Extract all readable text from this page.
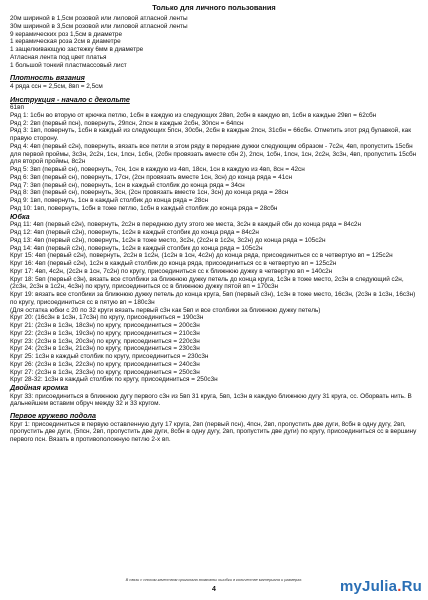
Только для личного пользования
20м шириной в 1,5см розовой или лиловой атласной ленты
30м шириной в 3,5см розовой или лиловой атласной ленты
9 керамических роз 1,5см в диаметре
1 керамическая роза 2см в диаметре
1 защелкивающую застежку 6мм в диаметре
Атласная лента под цвет платья
1 большой тонкий пластмассовый лист
Плотность вязания
4 ряда ссн = 2,5см, 8вп = 2,5см
Инструкция - начало с декольте
61вп
Ряд 1: 1сбн во вторую от крючка петлю, 1сбн в каждую из следующих 28вп, 2сбн в каждую вп, 1сбн в каждые 29вп = 62сбн
Ряд 2: 2вп (первый псн), повернуть, 29псн, 2псн в каждые 2сбн, 30псн = 64псн
Ряд 3: 1вп, повернуть, 1сбн в каждый из следующих 5псн, 30сбн, 2сбн в каждые 2псн, 31сбн = 66сбн. Отметить этот ряд булавкой, как правую сторону.
Ряд 4: 4вп (первый с2н), повернуть, вязать все петли в этом ряду в передние дужки следующим образом - 7с2н, 4вп, пропустить 15сбн для первой проймы, 3с3н, 2с2н, 1сн, 1псн, 1сбн, (2сбн провязать вместе сбн 2), 2псн, 1сбн, 1псн, 1сн, 2с2н, 3с3н, 4вп, пропустить 15сбн для второй проймы, 8с2н
Ряд 5: 3вп (первый сн), повернуть, 7сн, 1сн в каждую из 4вп, 18сн, 1сн в каждую из 4вп, 8сн = 42сн
Ряд 6: 3вп (первый сн), повернуть, 17сн, (2сн провязать вместе 1сн, 3сн) до конца ряда = 41сн
Ряд 7: 3вп (первый сн), повернуть, 1сн в каждый столбик до конца ряда = 34сн
Ряд 8: 3вп (первый сн), повернуть, 3сн, (2сн провязать вместе 1сн, 3сн) до конца ряда = 28сн
Ряд 9: 1вп, повернуть, 1сн в каждый столбик до конца ряда = 28сн
Ряд 10: 1вп, повернуть, 1сбн в тоже петлю, 1сбн в каждый столбик до конца ряда = 28сбн
Юбка
Ряд 11: 4вп (первый с2н), повернуть, 2с2н в переднюю дугу этого же места, 3с2н в каждый сбн до конца ряда = 84с2н
Ряд 12: 4вп (первый с2н), повернуть, 1с2н в каждый столбик до конца ряда = 84с2н
Ряд 13: 4вп (первый с2н), повернуть, 1с2н в тоже место, 3с2н, (2с2н в 1с2н, 3с2н) до конца ряда = 105с2н
Ряд 14: 4вп (первый с2н), повернуть, 1с2н в каждый столбик до конца ряда = 105с2н
Круг 15: 4вп (первый с2н), повернуть, 2с2н в 1с2н, (1с2н в 1сн, 4с2н) до конца ряда, присоединиться сс в четвертую вп = 125с2н
Круг 16: 4вп (первый с2н), 1с2н в каждый столбик до конца ряда, присоединиться сс в четвертую вп = 125с2н
Круг 17: 4вп, 4с2н, (2с2н в 1сн, 7с2н) по кругу, присоединиться сс к ближнюю дужку в четвертую вп = 140с2н
Круг 18: 5вп (первый с3н), вязать все столбики за ближнюю дужку петель до конца круга, 1с3н в тоже место, 2с3н в следующий с2н, (2с3н, 2с3н в 1с2н, 4с3н) по кругу, присоединиться сс в ближнюю дужку пятой вп = 170с3н
Круг 19: вязать все столбики за ближнюю дужку петель до конца круга, 5вп (первый с3н), 1с3н в тоже место, 16с3н, (2с3н в 1с3н, 16с3н) по кругу, присоединиться сс в пятую вп = 180с3н
(Для остатка юбки с 20 по 32 круги вязать первый с3н как 5вп и все столбики за ближнюю дужку петель)
Круг 20: (16с3н в 1с3н, 17с3н) по кругу, присоединиться = 190с3н
Круг 21: (2с3н в 1с3н, 18с3н) по кругу, присоединиться = 200с3н
Круг 22: (2с3н в 1с3н, 19с3н) по кругу, присоединиться = 210с3н
Круг 23: (2с3н в 1с3н, 20с3н) по кругу, присоединиться = 220с3н
Круг 24: (2с3н в 1с3н, 21с3н) по кругу, присоединиться = 230с3н
Круг 25: 1с3н в каждый столбик по кругу, присоединиться = 230с3н
Круг 26: (2с3н в 1с3н, 22с3н) по кругу, присоединиться = 240с3н
Круг 27: (2с3н в 1с3н, 23с3н) по кругу, присоединиться = 250с3н
Круг 28-32: 1с3н в каждый столбик по кругу, присоединиться = 250с3н
Двойная кромка
Круг 33: присоединиться в ближнюю дугу первого с3н из 5вп 31 круга, 5вп, 1с3н в каждую ближнюю дугу 31 круга, сс. Оборвать нить. В дальнейшем вставим обруч между 32 и 33 кругом.
Первое кружево подола
Круг 1: присоединиться в первую оставленную дугу 17 круга, 2вп (первый псн), 4псн, 2вп, пропустить две дуги, 8сбн в одну дугу, 2вп, пропустить две дуги, (5псн, 2вп, пропустить две дуги, 8сбн в одну дугу, 2вп, пропустить две дуги) по кругу, присоединиться сс в вершину первого псн. Вязать в противоположную петлю 2-х вп.
В связи с плохим качеством оригинала возможны ошибки в количестве материала и размерах.
4	myJulia.Ru
